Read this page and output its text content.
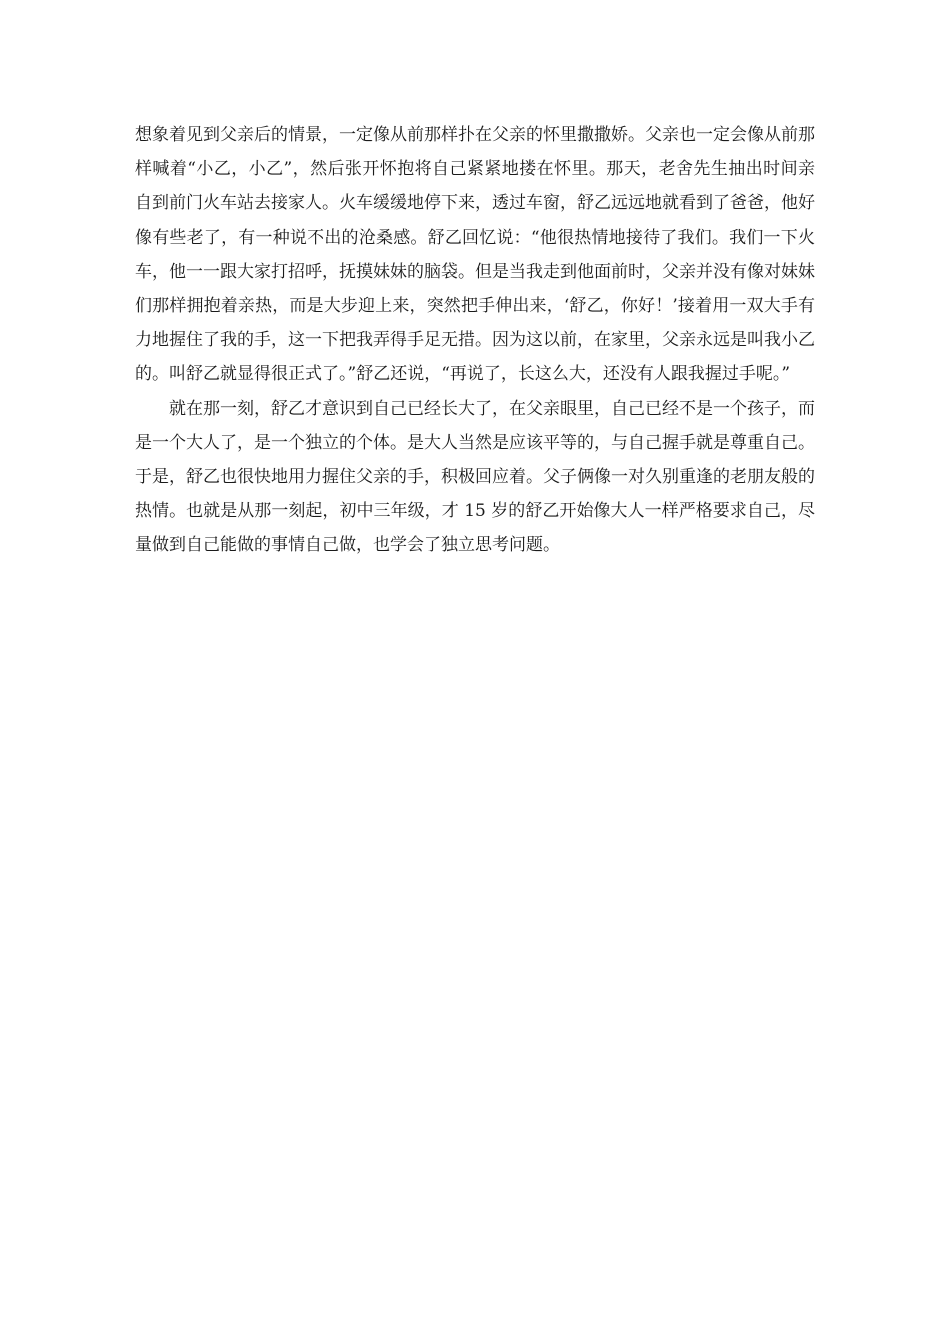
想象着见到父亲后的情景，一定像从前那样扑在父亲的怀里撒撒娇。父亲也一定会像从前那样喊着“小乙，小乙”，然后张开怀抱将自己紧紧地搂在怀里。那天，老舍先生抽出时间亲自到前门火车站去接家人。火车缓缓地停下来，透过车窗，舒乙远远地就看到了爸爸，他好像有些老了，有一种说不出的沧桑感。舒乙回忆说：“他很热情地接待了我们。我们一下火车，他一一跟大家打招呼，抚摸妹妹的脑袋。但是当我走到他面前时，父亲并没有像对妹妹们那样拥抱着亲热，而是大步迎上来，突然把手伸出来，‘舒乙，你好！’接着用一双大手有力地握住了我的手，这一下把我弄得手足无措。因为这以前，在家里，父亲永远是叫我小乙的。叫舒乙就显得很正式了。”舒乙还说，“再说了，长这么大，还没有人跟我握过手呢。”

就在那一刻，舒乙才意识到自己已经长大了，在父亲眼里，自己已经不是一个孩子，而是一个大人了，是一个独立的个体。是大人当然是应该平等的，与自己握手就是尊重自己。于是，舒乙也很快地用力握住父亲的手，积极回应着。父子俩像一对久别重逢的老朋友般的热情。也就是从那一刻起，初中三年级，才 15 岁的舒乙开始像大人一样严格要求自己，尽量做到自己能做的事情自己做，也学会了独立思考问题。
